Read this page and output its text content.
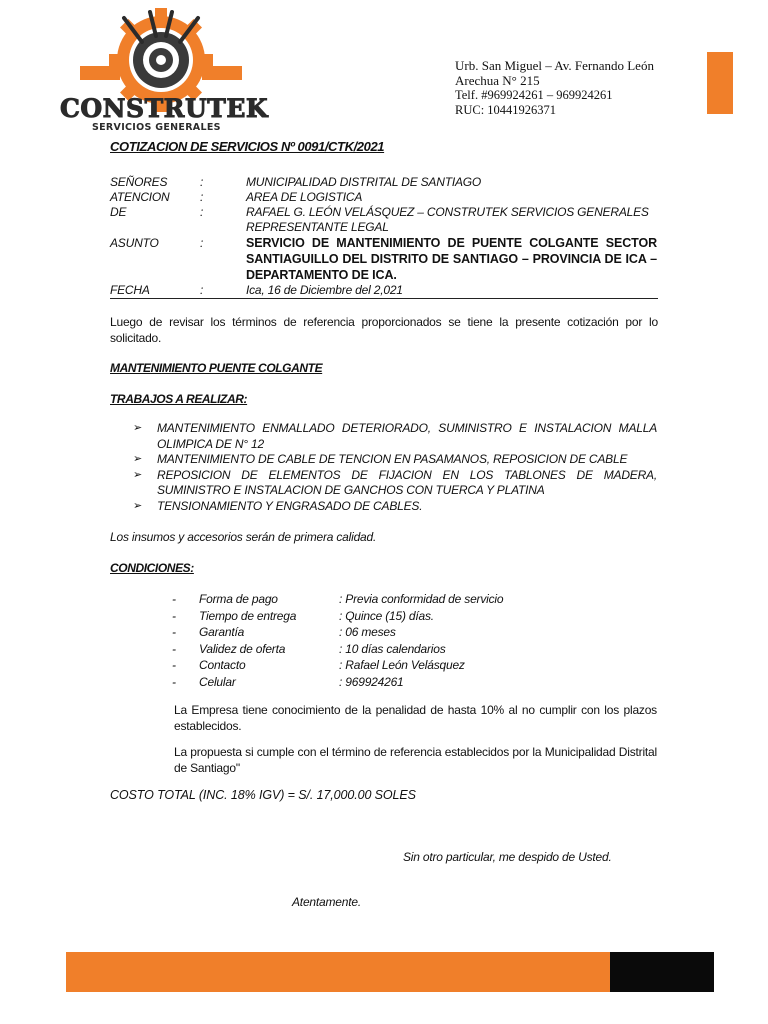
CONSTRUTEK
SERVICIOS GENERALES
Urb. San Miguel – Av. Fernando León
Arechua N° 215
Telf. #969924261 – 969924261
RUC: 10441926371
COTIZACION DE SERVICIOS Nº 0091/CTK/2021
SEÑORES	:	MUNICIPALIDAD DISTRITAL DE SANTIAGO
ATENCION	:	AREA DE LOGISTICA
DE	:	RAFAEL G. LEÓN VELÁSQUEZ – CONSTRUTEK SERVICIOS GENERALES
REPRESENTANTE LEGAL
ASUNTO	:	SERVICIO DE MANTENIMIENTO DE PUENTE COLGANTE SECTOR SANTIAGUILLO DEL DISTRITO DE SANTIAGO – PROVINCIA DE ICA – DEPARTAMENTO DE ICA.
FECHA	:	Ica, 16 de Diciembre del 2,021
Luego de revisar los términos de referencia proporcionados se tiene la presente cotización por lo solicitado.
MANTENIMIENTO PUENTE COLGANTE
TRABAJOS A REALIZAR:
➢ MANTENIMIENTO ENMALLADO DETERIORADO, SUMINISTRO E INSTALACION MALLA OLIMPICA DE N° 12
➢ MANTENIMIENTO DE CABLE DE TENCION EN PASAMANOS, REPOSICION DE CABLE
➢ REPOSICION DE ELEMENTOS DE FIJACION EN LOS TABLONES DE MADERA, SUMINISTRO E INSTALACION DE GANCHOS CON TUERCA Y PLATINA
➢ TENSIONAMIENTO Y ENGRASADO DE CABLES.
Los insumos y accesorios serán de primera calidad.
CONDICIONES:
- Forma de pago	: Previa conformidad de servicio
- Tiempo de entrega	: Quince (15) días.
- Garantía	: 06 meses
- Validez de oferta	: 10 días calendarios
- Contacto	: Rafael León Velásquez
- Celular	: 969924261
La Empresa tiene conocimiento de la penalidad de hasta 10% al no cumplir con los plazos establecidos.
La propuesta si cumple con el término de referencia establecidos por la Municipalidad Distrital de Santiago"
COSTO TOTAL (INC. 18% IGV) = S/. 17,000.00 SOLES
Sin otro particular, me despido de Usted.
Atentamente.
